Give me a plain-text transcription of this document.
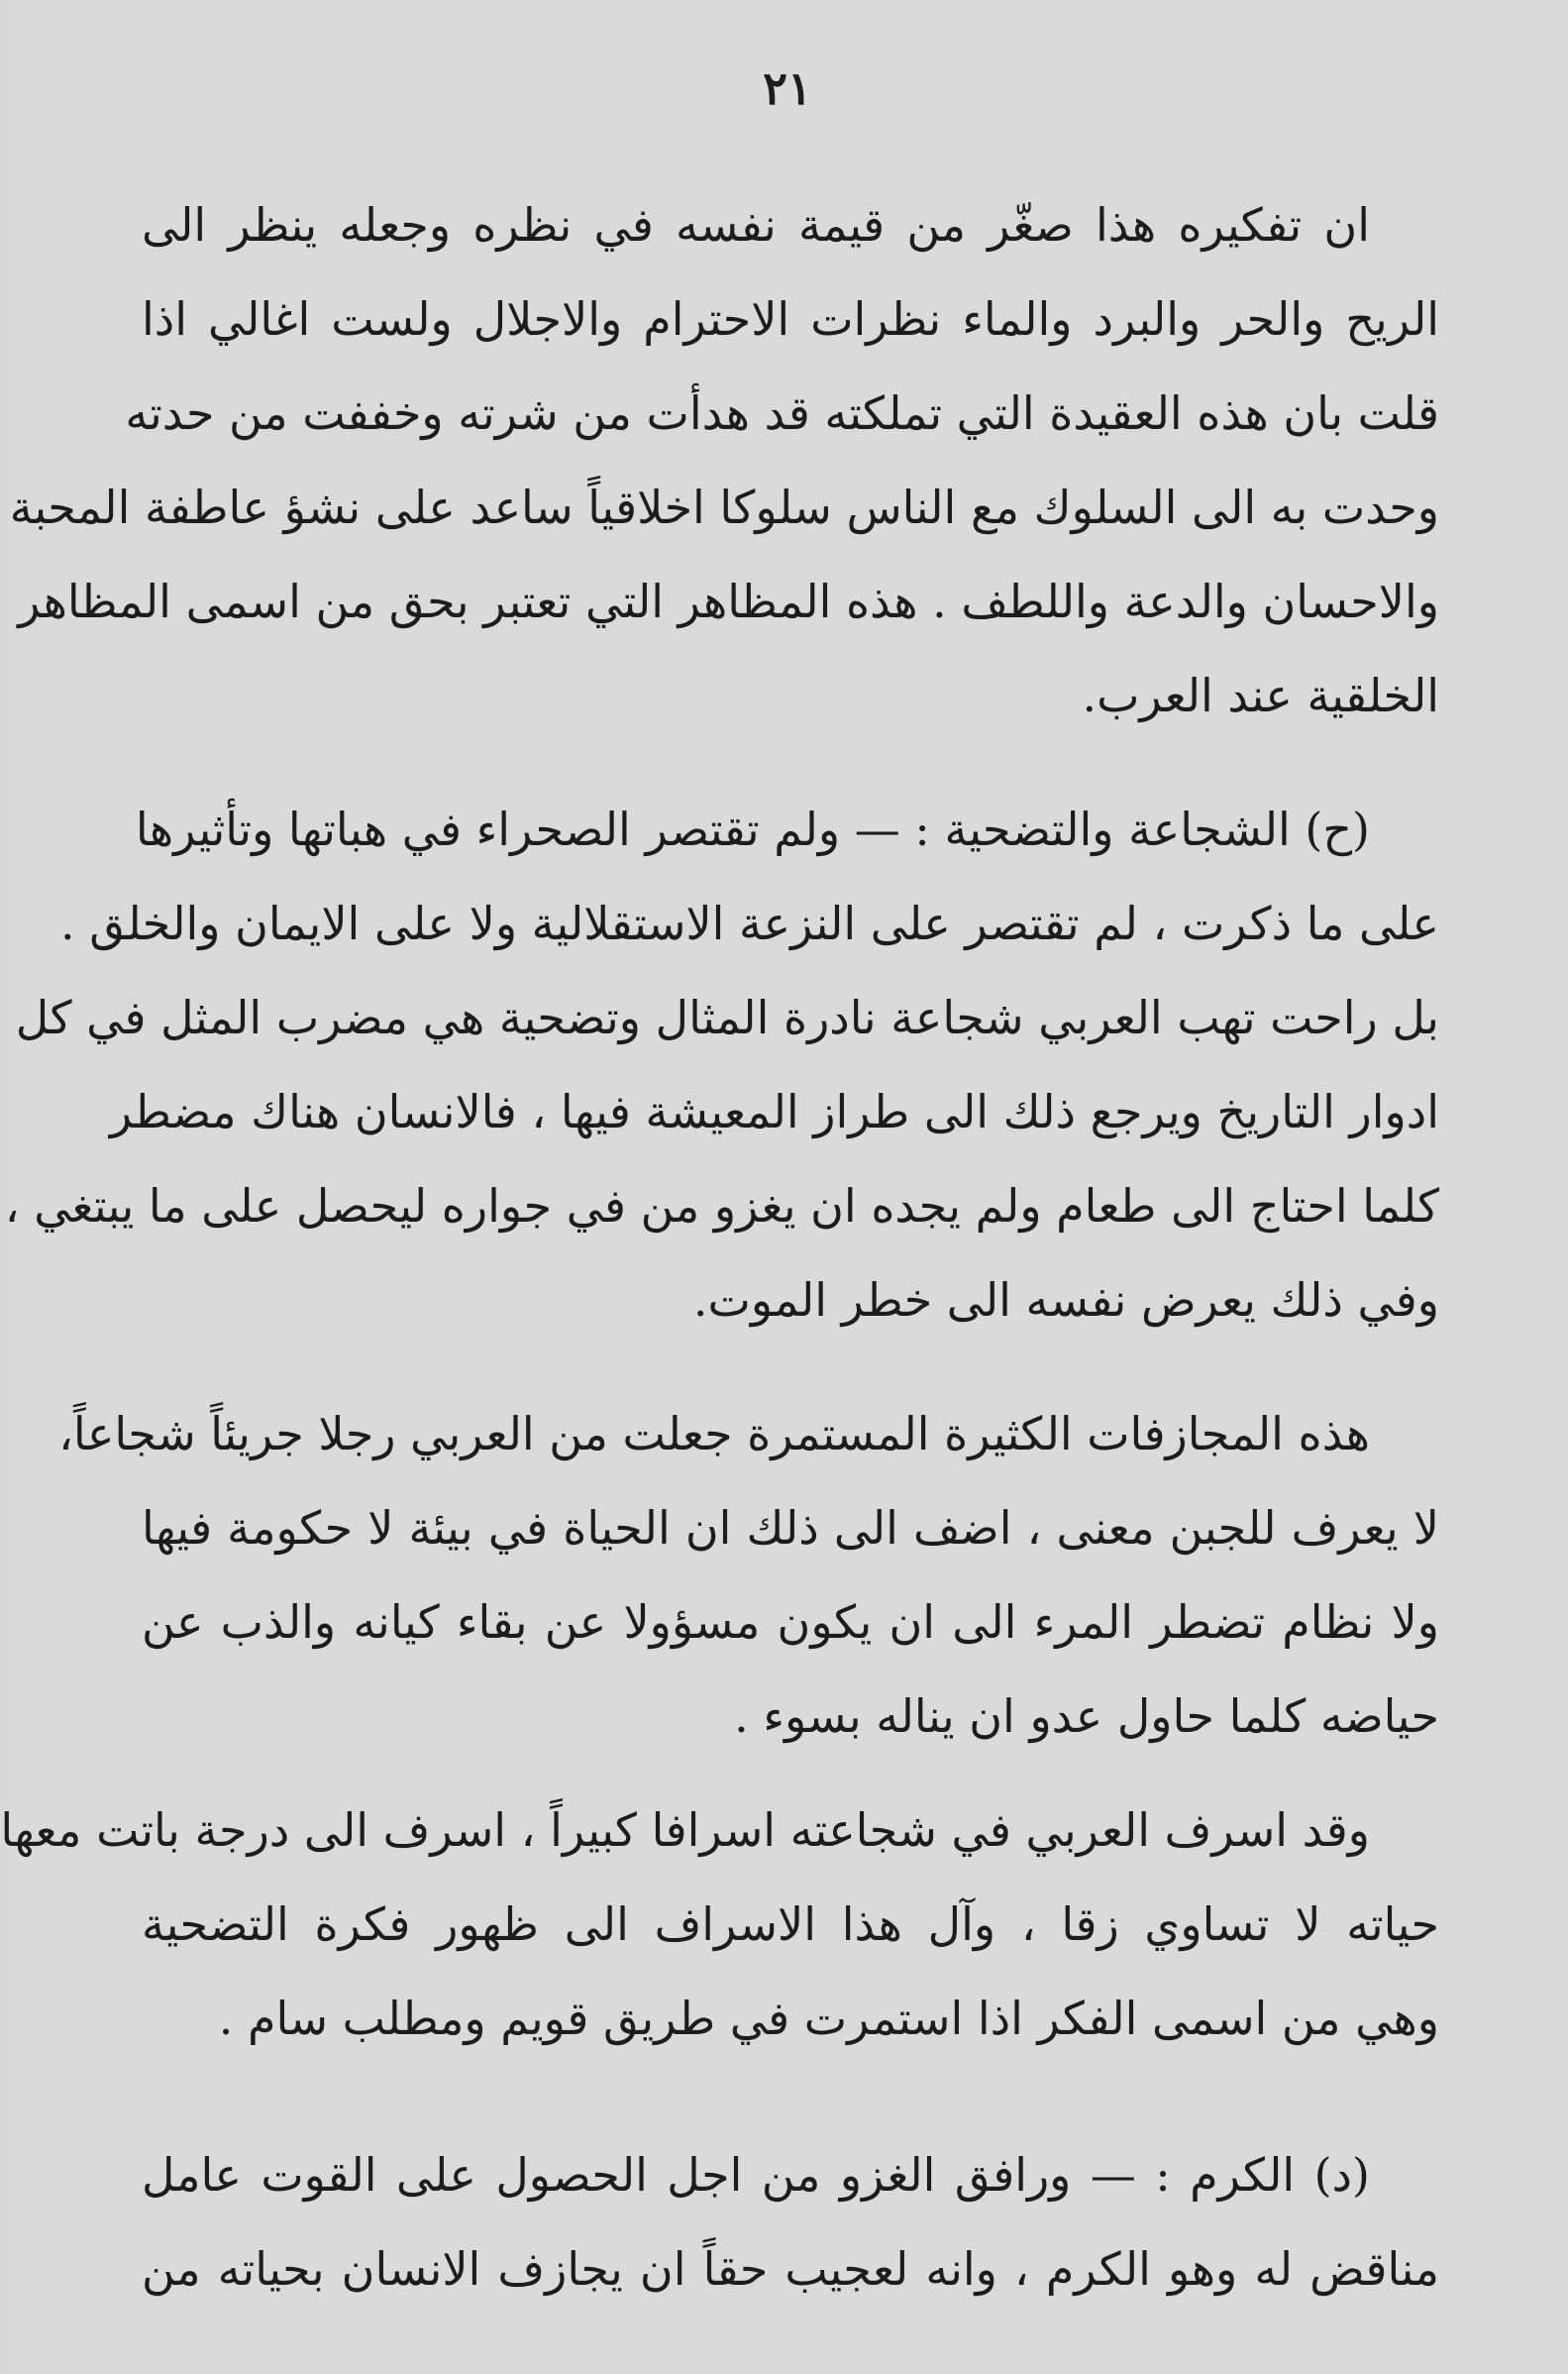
٢١
ان تفكيره هذا صغّر من قيمة نفسه في نظره وجعله ينظر الى
الريح والحر والبرد والماء نظرات الاحترام والاجلال ولست اغالي اذا
قلت بان هذه العقيدة التي تملكته قد هدأت من شرته وخففت من حدته
وحدت به الى السلوك مع الناس سلوكا اخلاقياً ساعد على نشؤ عاطفة المحبة
والاحسان والدعة واللطف . هذه المظاهر التي تعتبر بحق من اسمى المظاهر
الخلقية عند العرب.
(ح) الشجاعة والتضحية : — ولم تقتصر الصحراء في هباتها وتأثيرها
على ما ذكرت ، لم تقتصر على النزعة الاستقلالية ولا على الايمان والخلق .
بل راحت تهب العربي شجاعة نادرة المثال وتضحية هي مضرب المثل في كل
ادوار التاريخ ويرجع ذلك الى طراز المعيشة فيها ، فالانسان هناك مضطر
كلما احتاج الى طعام ولم يجده ان يغزو من في جواره ليحصل على ما يبتغي ،
وفي ذلك يعرض نفسه الى خطر الموت.
هذه المجازفات الكثيرة المستمرة جعلت من العربي رجلا جريئاً شجاعاً،
لا يعرف للجبن معنى ، اضف الى ذلك ان الحياة في بيئة لا حكومة فيها
ولا نظام تضطر المرء الى ان يكون مسؤولا عن بقاء كيانه والذب عن
حياضه كلما حاول عدو ان يناله بسوء .
وقد اسرف العربي في شجاعته اسرافا كبيراً ، اسرف الى درجة باتت معها
حياته لا تساوي زقا ، وآل هذا الاسراف الى ظهور فكرة التضحية
وهي من اسمى الفكر اذا استمرت في طريق قويم ومطلب سام .
(د) الكرم : — ورافق الغزو من اجل الحصول على القوت عامل
مناقض له وهو الكرم ، وانه لعجيب حقاً ان يجازف الانسان بحياته من
